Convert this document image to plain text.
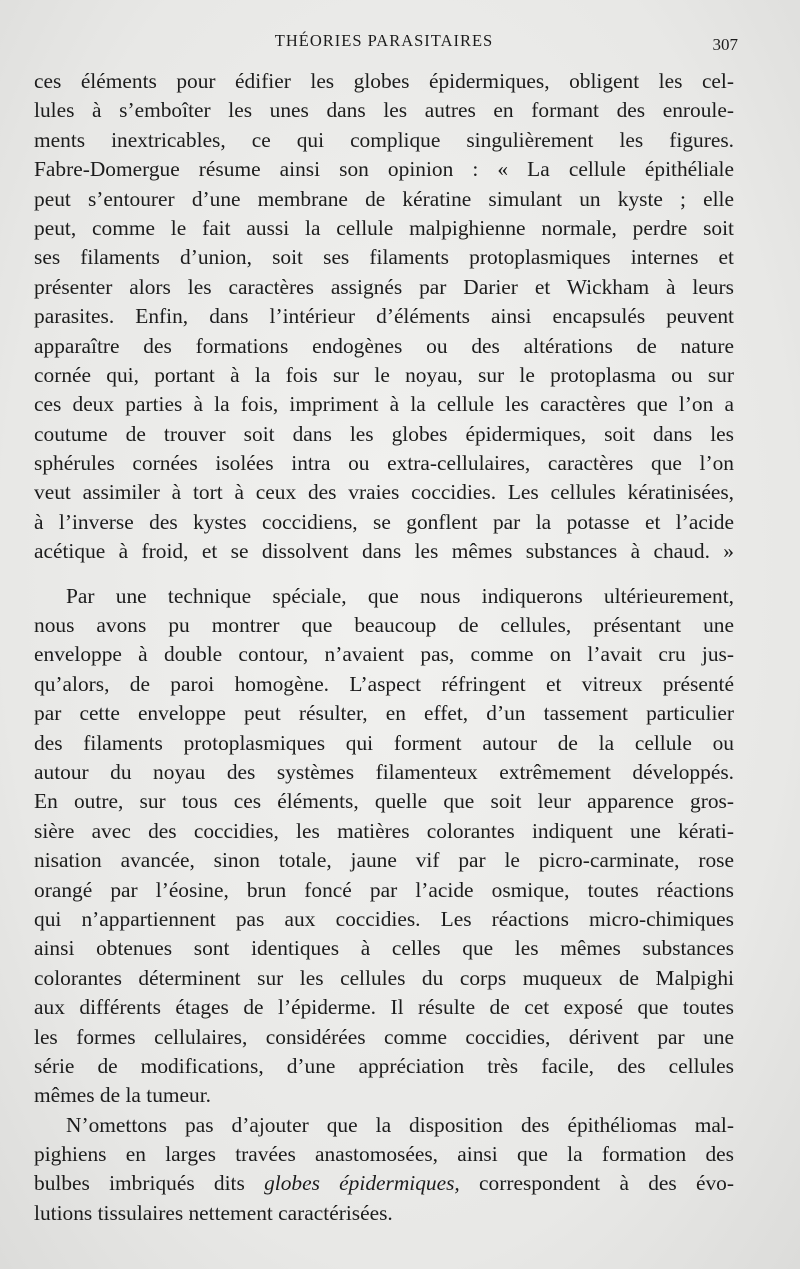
THÉORIES PARASITAIRES	307
ces éléments pour édifier les globes épidermiques, obligent les cel-
lules à s’emboîter les unes dans les autres en formant des enroule-
ments inextricables, ce qui complique singulièrement les figures.
Fabre-Domergue résume ainsi son opinion : « La cellule épithéliale
peut s’entourer d’une membrane de kératine simulant un kyste ; elle
peut, comme le fait aussi la cellule malpighienne normale, perdre soit
ses filaments d’union, soit ses filaments protoplasmiques internes et
présenter alors les caractères assignés par Darier et Wickham à leurs
parasites. Enfin, dans l’intérieur d’éléments ainsi encapsulés peuvent
apparaître des formations endogènes ou des altérations de nature
cornée qui, portant à la fois sur le noyau, sur le protoplasma ou sur
ces deux parties à la fois, impriment à la cellule les caractères que l’on a
coutume de trouver soit dans les globes épidermiques, soit dans les
sphérules cornées isolées intra ou extra-cellulaires, caractères que l’on
veut assimiler à tort à ceux des vraies coccidies. Les cellules kératinisées,
à l’inverse des kystes coccidiens, se gonflent par la potasse et l’acide
acétique à froid, et se dissolvent dans les mêmes substances à chaud. »
Par une technique spéciale, que nous indiquerons ultérieurement,
nous avons pu montrer que beaucoup de cellules, présentant une
enveloppe à double contour, n’avaient pas, comme on l’avait cru jus-
qu’alors, de paroi homogène. L’aspect réfringent et vitreux présenté
par cette enveloppe peut résulter, en effet, d’un tassement particulier
des filaments protoplasmiques qui forment autour de la cellule ou
autour du noyau des systèmes filamenteux extrêmement développés.
En outre, sur tous ces éléments, quelle que soit leur apparence gros-
sière avec des coccidies, les matières colorantes indiquent une kérati-
nisation avancée, sinon totale, jaune vif par le picro-carminate, rose
orangé par l’éosine, brun foncé par l’acide osmique, toutes réactions
qui n’appartiennent pas aux coccidies. Les réactions micro-chimiques
ainsi obtenues sont identiques à celles que les mêmes substances
colorantes déterminent sur les cellules du corps muqueux de Malpighi
aux différents étages de l’épiderme. Il résulte de cet exposé que toutes
les formes cellulaires, considérées comme coccidies, dérivent par une
série de modifications, d’une appréciation très facile, des cellules
mêmes de la tumeur.
N’omettons pas d’ajouter que la disposition des épithéliomas mal-
pighiens en larges travées anastomosées, ainsi que la formation des
bulbes imbriqués dits globes épidermiques, correspondent à des évo-
lutions tissulaires nettement caractérisées.
